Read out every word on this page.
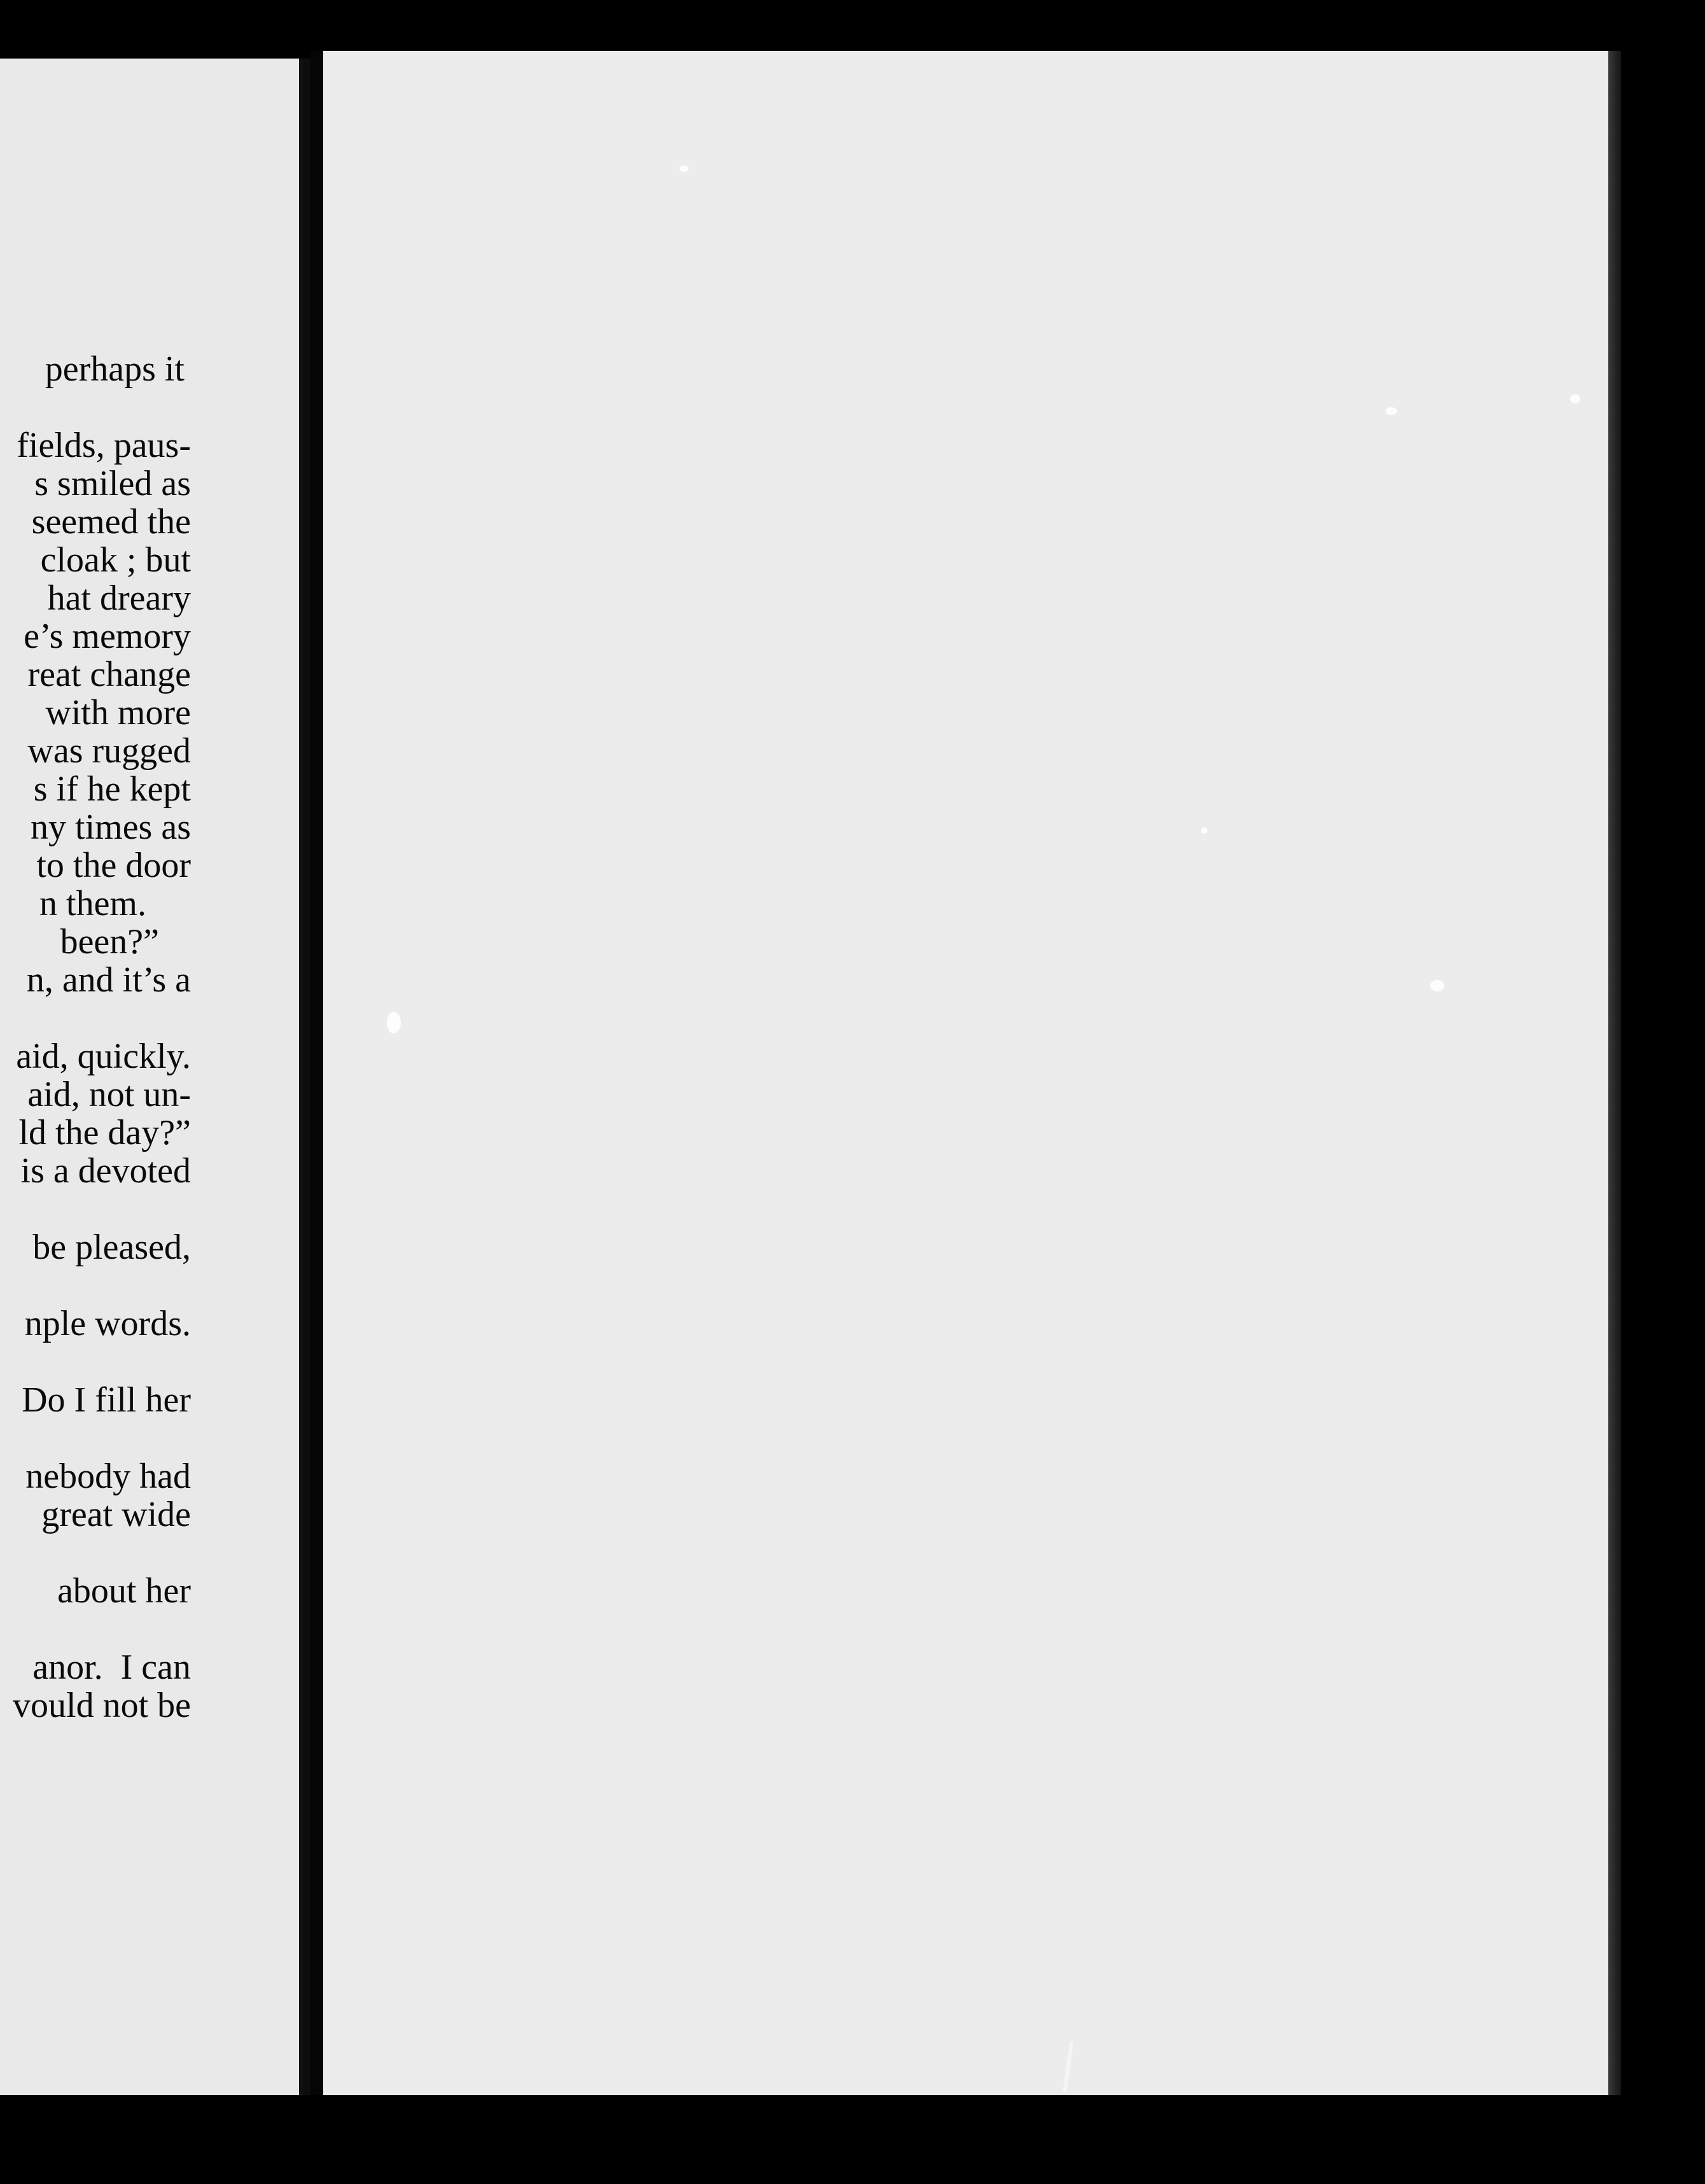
perhaps it
fields, paus-
s smiled as
seemed the
cloak ; but
hat dreary
e’s memory
reat change
with more
was rugged
s if he kept
ny times as
to the door
n them.
been?”
n, and it’s a
aid, quickly.
aid, not un-
ld the day?”
is a devoted
be pleased,
nple words.
Do I fill her
nebody had
great wide
about her
anor.  I can
vould not be
